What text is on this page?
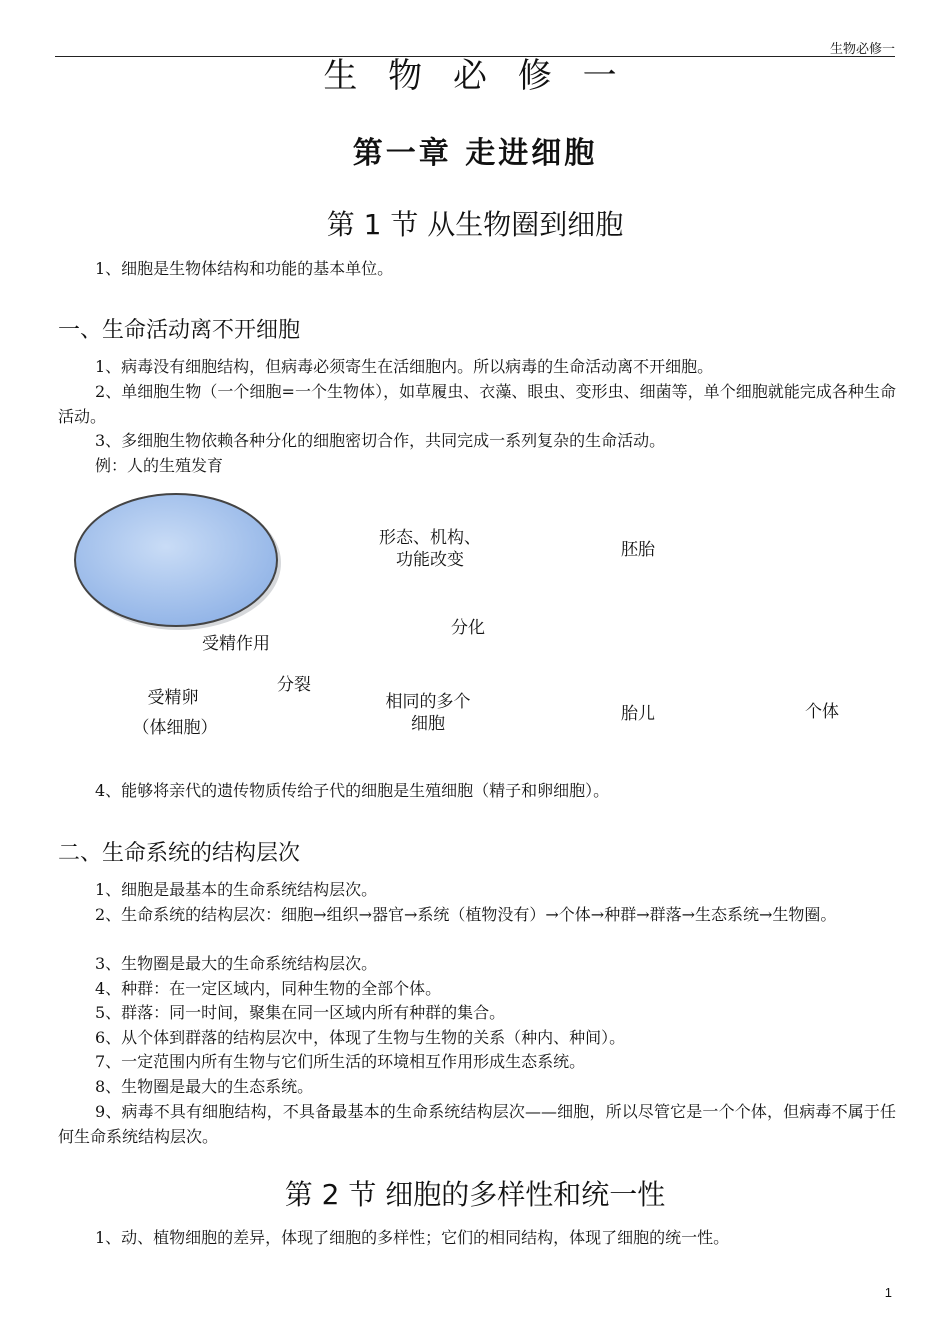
生物必修一
生 物 必 修 一
第一章 走进细胞
第 1 节 从生物圈到细胞
1、细胞是生物体结构和功能的基本单位。
一、生命活动离不开细胞
1、病毒没有细胞结构，但病毒必须寄生在活细胞内。所以病毒的生命活动离不开细胞。
2、单细胞生物（一个细胞=一个生物体），如草履虫、衣藻、眼虫、变形虫、细菌等，单个细胞就能完成各种生命活动。
3、多细胞生物依赖各种分化的细胞密切合作，共同完成一系列复杂的生命活动。
例：人的生殖发育
形态、机构、
功能改变	胚胎
分化
受精作用
分裂
受精卵
（体细胞）
相同的多个
细胞	胎儿	个体
4、能够将亲代的遗传物质传给子代的细胞是生殖细胞（精子和卵细胞）。
二、生命系统的结构层次
1、细胞是最基本的生命系统结构层次。
2、生命系统的结构层次：细胞→组织→器官→系统（植物没有）→个体→种群→群落→生态系统→生物圈。
3、生物圈是最大的生命系统结构层次。
4、种群：在一定区域内，同种生物的全部个体。
5、群落：同一时间，聚集在同一区域内所有种群的集合。
6、从个体到群落的结构层次中，体现了生物与生物的关系（种内、种间）。
7、一定范围内所有生物与它们所生活的环境相互作用形成生态系统。
8、生物圈是最大的生态系统。
9、病毒不具有细胞结构，不具备最基本的生命系统结构层次——细胞，所以尽管它是一个个体，但病毒不属于任何生命系统结构层次。
第 2 节 细胞的多样性和统一性
1、动、植物细胞的差异，体现了细胞的多样性；它们的相同结构，体现了细胞的统一性。
1
